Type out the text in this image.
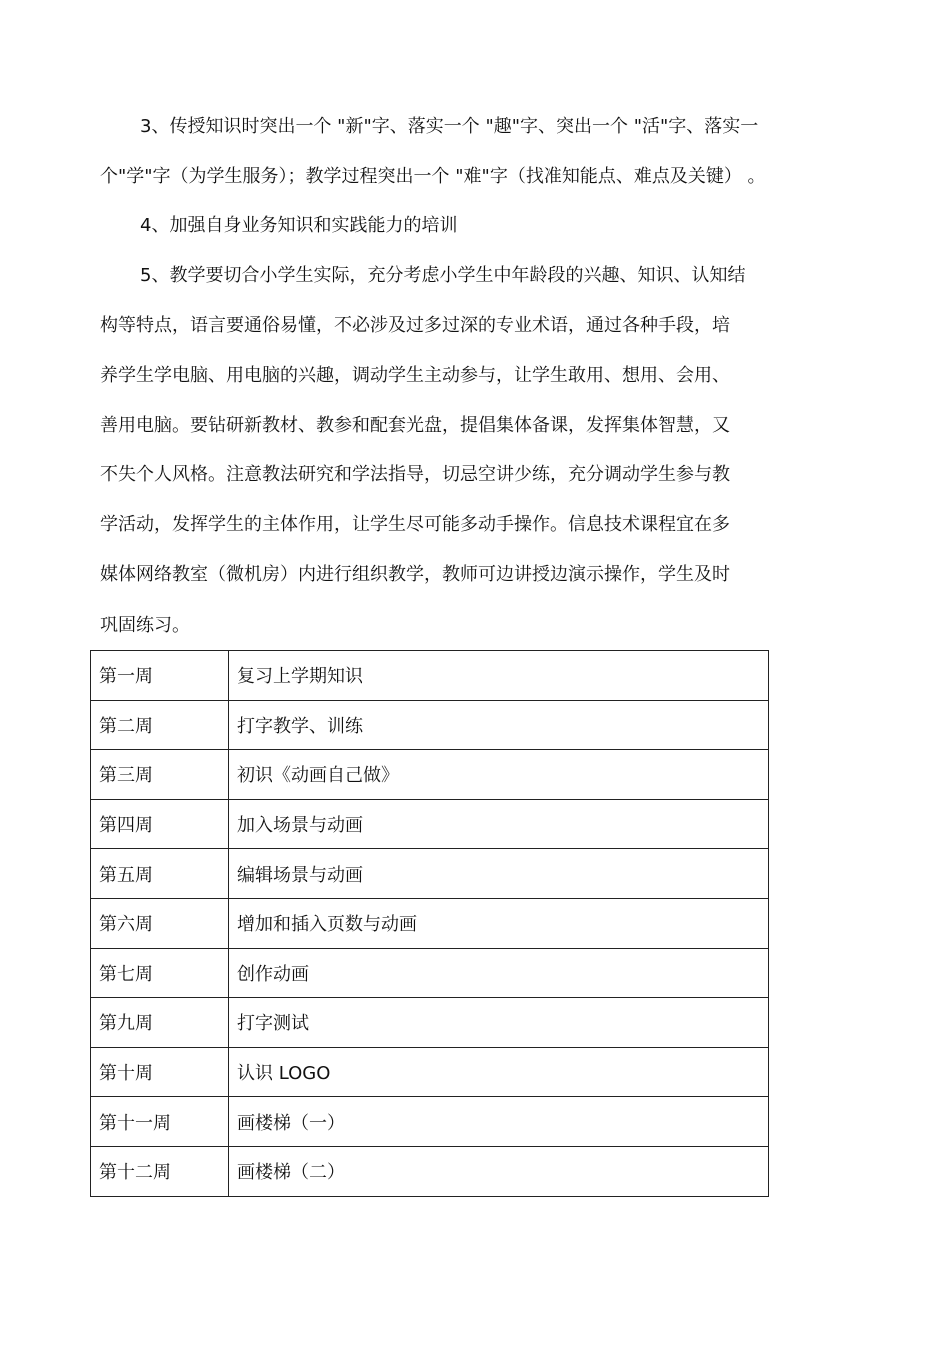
3、传授知识时突出一个 "新"字、落实一个 "趣"字、突出一个 "活"字、落实一
个"学"字（为学生服务）；教学过程突出一个 "难"字（找准知能点、难点及关键） 。
4、加强自身业务知识和实践能力的培训
5、教学要切合小学生实际，充分考虑小学生中年龄段的兴趣、知识、认知结
构等特点，语言要通俗易懂，不必涉及过多过深的专业术语，通过各种手段，培
养学生学电脑、用电脑的兴趣，调动学生主动参与，让学生敢用、想用、会用、
善用电脑。要钻研新教材、教参和配套光盘，提倡集体备课，发挥集体智慧，又
不失个人风格。注意教法研究和学法指导，切忌空讲少练，充分调动学生参与教
学活动，发挥学生的主体作用，让学生尽可能多动手操作。信息技术课程宜在多
媒体网络教室（微机房）内进行组织教学，教师可边讲授边演示操作，学生及时
巩固练习。
第一周	复习上学期知识
第二周	打字教学、训练
第三周	初识《动画自己做》
第四周	加入场景与动画
第五周	编辑场景与动画
第六周	增加和插入页数与动画
第七周	创作动画
第九周	打字测试
第十周	认识 LOGO
第十一周	画楼梯（一）
第十二周	画楼梯（二）
